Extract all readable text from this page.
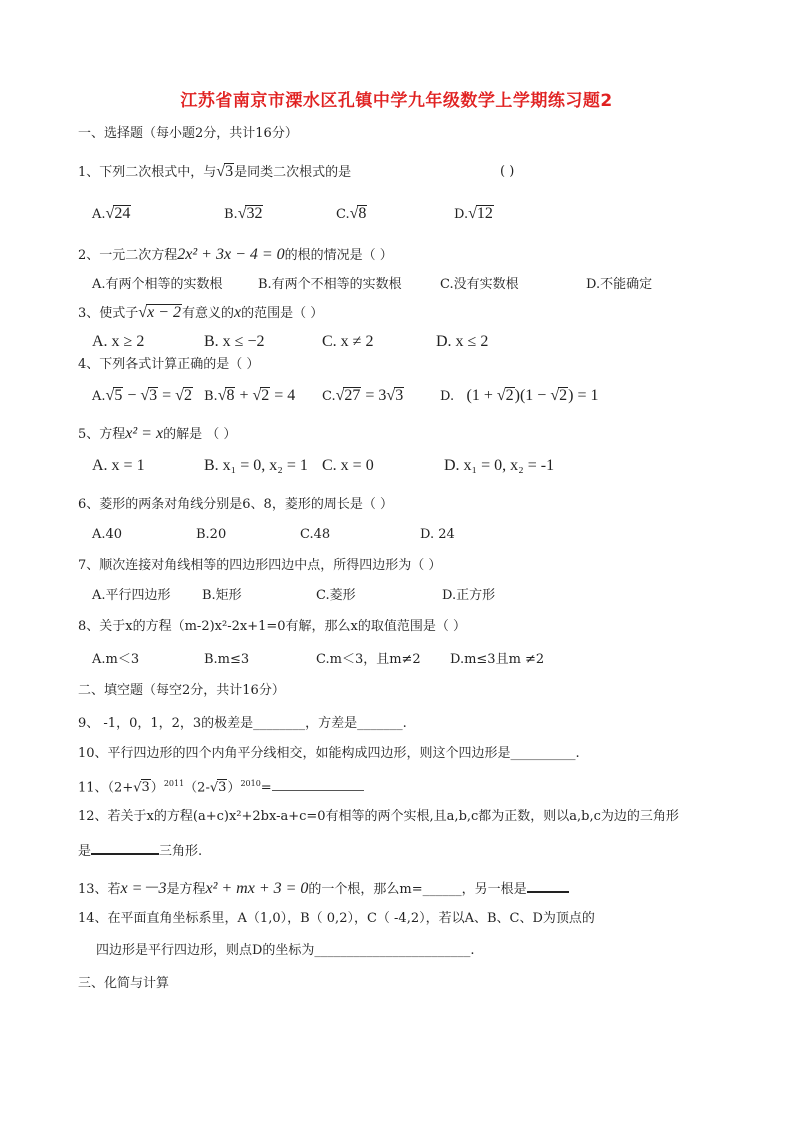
江苏省南京市溧水区孔镇中学九年级数学上学期练习题2
一、选择题（每小题2分，共计16分）
1、下列二次根式中，与√3是同类二次根式的是	( )
A.√24	B.√32	C.√8	D.√12
2、一元二次方程2x² + 3x − 4 = 0的根的情况是（ ）
A.有两个相等的实数根	B.有两个不相等的实数根	C.没有实数根	D.不能确定
3、使式子√x − 2有意义的x的范围是（ ）
A. x ≥ 2	B. x ≤ −2	C. x ≠ 2	D. x ≤ 2
4、下列各式计算正确的是（ ）
A.√5 − √3 = √2 B.√8 + √2 = 4 C.√27 = 3√3	D. (1 + √2)(1 − √2) = 1
5、方程x² = x的解是 （ ）
A. x = 1	B. x₁ = 0, x₂ = 1 C. x = 0	D. x₁ = 0, x₂ = -1
6、菱形的两条对角线分别是6、8，菱形的周长是（ ）
A.40	B.20	C.48	D. 24
7、顺次连接对角线相等的四边形四边中点，所得四边形为（ ）
A.平行四边形 B.矩形	C.菱形	D.正方形
8、关于x的方程（m-2)x²-2x+1=0有解，那么x的取值范围是（ ）
A.m＜3	B.m≤3	C.m＜3，且m≠2 D.m≤3且m ≠2
二、填空题（每空2分，共计16分）
9、 -1，0，1，2，3的极差是________，方差是_______.
10、平行四边形的四个内角平分线相交，如能构成四边形，则这个四边形是__________.
11、$(2+√3)^{2011}(2-√3)^{2010}=$
12、若关于x的方程(a+c)x²+2bx-a+c=0有相等的两个实根,且a,b,c都为正数，则以a,b,c为边的三角形
是	三角形.
13、若x =－3是方程x² + mx + 3 = 0的一个根，那么m=______，另一根是
14、在平面直角坐标系里，A（1,0），B（ 0,2），C（ -4,2），若以A、B、C、D为顶点的
四边形是平行四边形，则点D的坐标为________________________.
三、化简与计算
